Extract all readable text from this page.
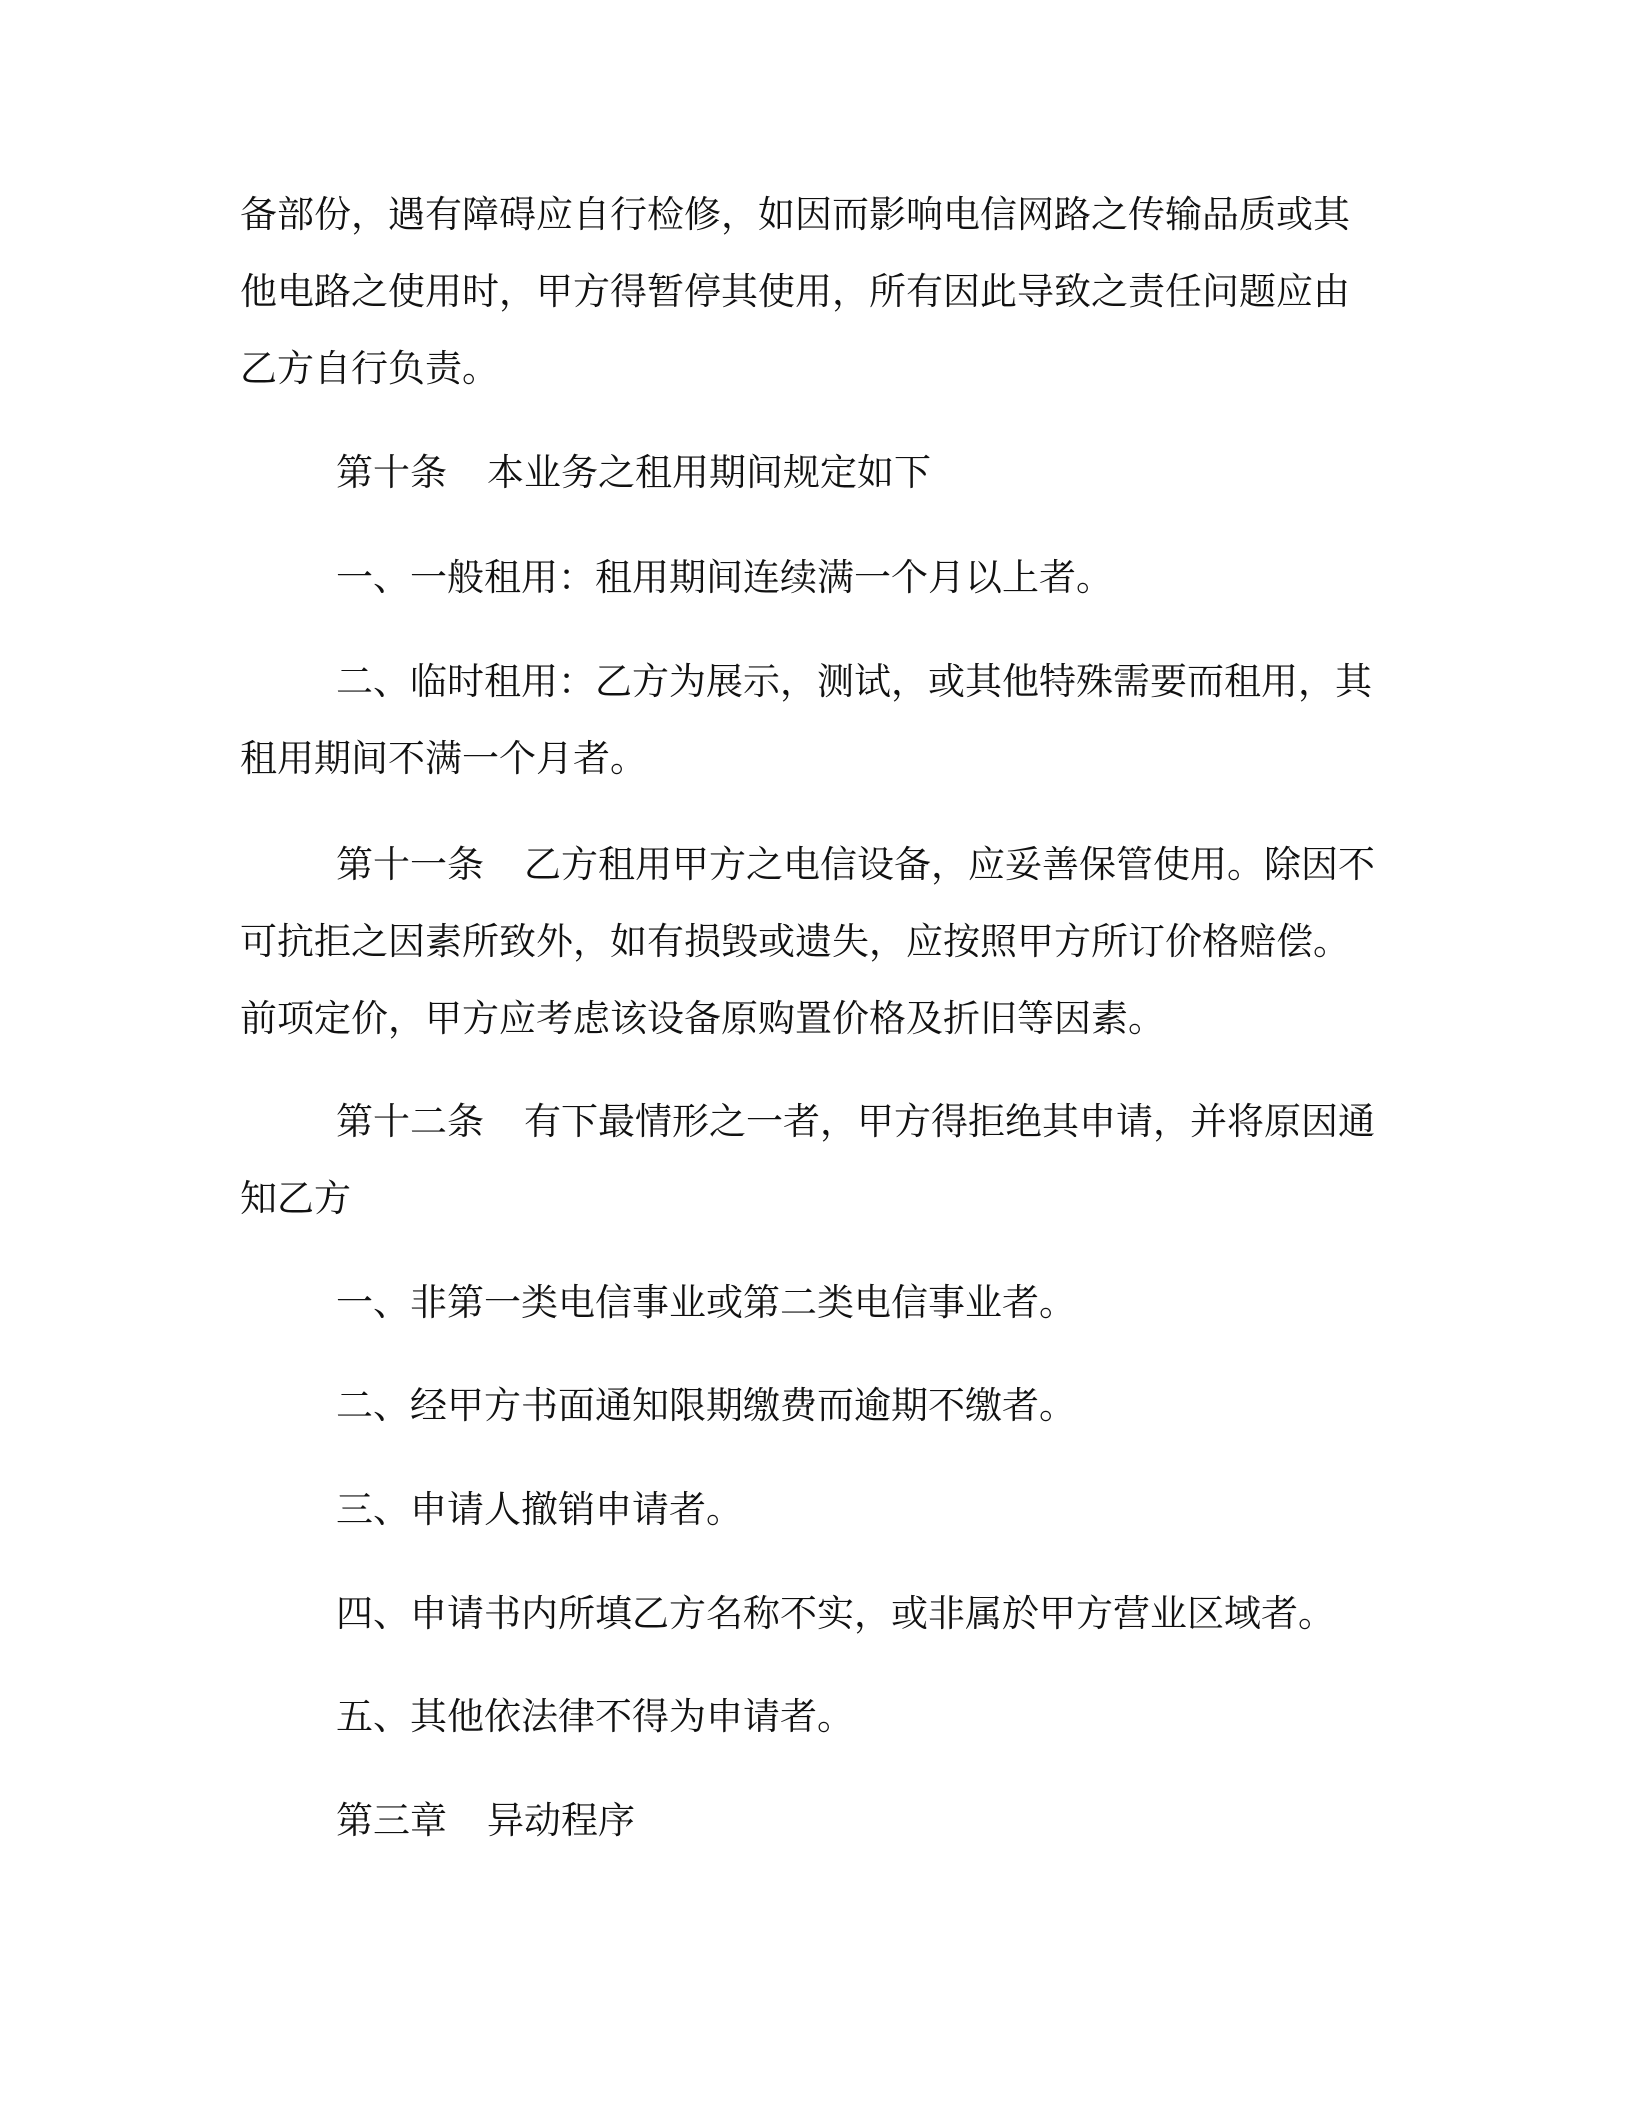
备部份，遇有障碍应自行检修，如因而影响电信网路之传输品质或其
他电路之使用时，甲方得暂停其使用，所有因此导致之责任问题应由
乙方自行负责。
第十条 本业务之租用期间规定如下
一、一般租用：租用期间连续满一个月以上者。
二、临时租用：乙方为展示，测试，或其他特殊需要而租用，其
租用期间不满一个月者。
第十一条 乙方租用甲方之电信设备，应妥善保管使用。除因不
可抗拒之因素所致外，如有损毁或遗失，应按照甲方所订价格赔偿。
前项定价，甲方应考虑该设备原购置价格及折旧等因素。
第十二条 有下最情形之一者，甲方得拒绝其申请，并将原因通
知乙方
一、非第一类电信事业或第二类电信事业者。
二、经甲方书面通知限期缴费而逾期不缴者。
三、申请人撤销申请者。
四、申请书内所填乙方名称不实，或非属於甲方营业区域者。
五、其他依法律不得为申请者。
第三章 异动程序
